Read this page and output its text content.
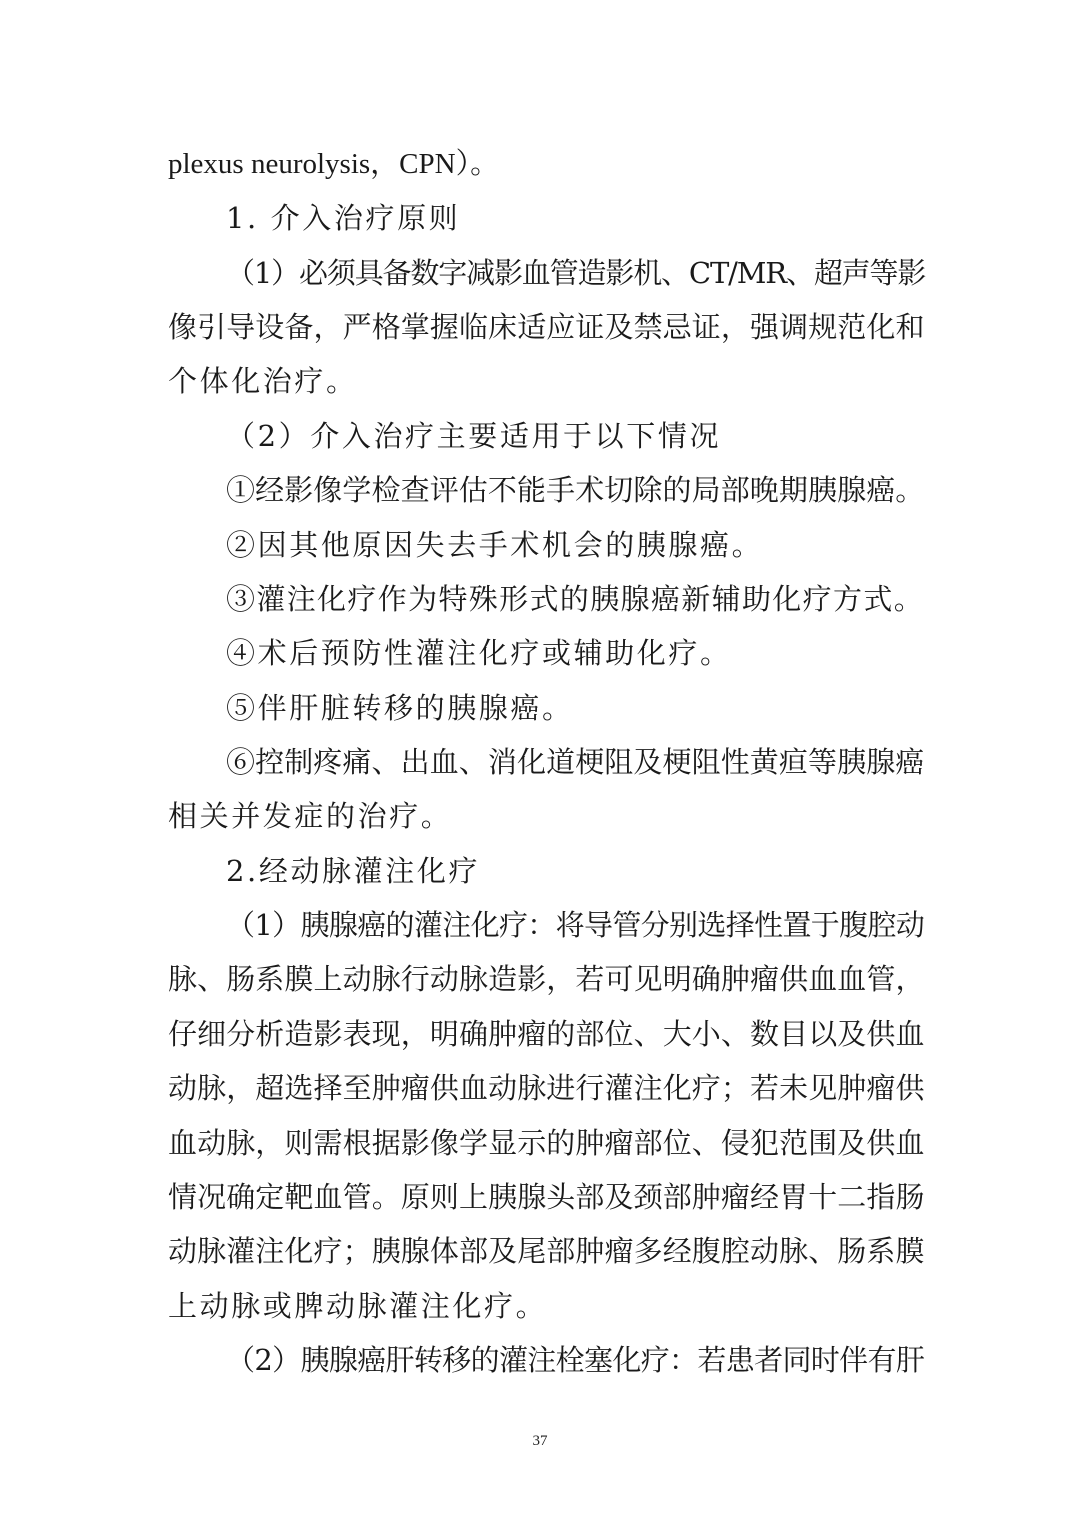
plexus neurolysis，CPN）。
1. 介入治疗原则
（1）必须具备数字减影血管造影机、CT/MR、超声等影
像引导设备，严格掌握临床适应证及禁忌证，强调规范化和
个体化治疗。
（2）介入治疗主要适用于以下情况
①经影像学检查评估不能手术切除的局部晚期胰腺癌。
②因其他原因失去手术机会的胰腺癌。
③灌注化疗作为特殊形式的胰腺癌新辅助化疗方式。
④术后预防性灌注化疗或辅助化疗。
⑤伴肝脏转移的胰腺癌。
⑥控制疼痛、出血、消化道梗阻及梗阻性黄疸等胰腺癌
相关并发症的治疗。
2.经动脉灌注化疗
（1）胰腺癌的灌注化疗：将导管分别选择性置于腹腔动
脉、肠系膜上动脉行动脉造影，若可见明确肿瘤供血血管，
仔细分析造影表现，明确肿瘤的部位、大小、数目以及供血
动脉，超选择至肿瘤供血动脉进行灌注化疗；若未见肿瘤供
血动脉，则需根据影像学显示的肿瘤部位、侵犯范围及供血
情况确定靶血管。原则上胰腺头部及颈部肿瘤经胃十二指肠
动脉灌注化疗；胰腺体部及尾部肿瘤多经腹腔动脉、肠系膜
上动脉或脾动脉灌注化疗。
（2）胰腺癌肝转移的灌注栓塞化疗：若患者同时伴有肝
37
